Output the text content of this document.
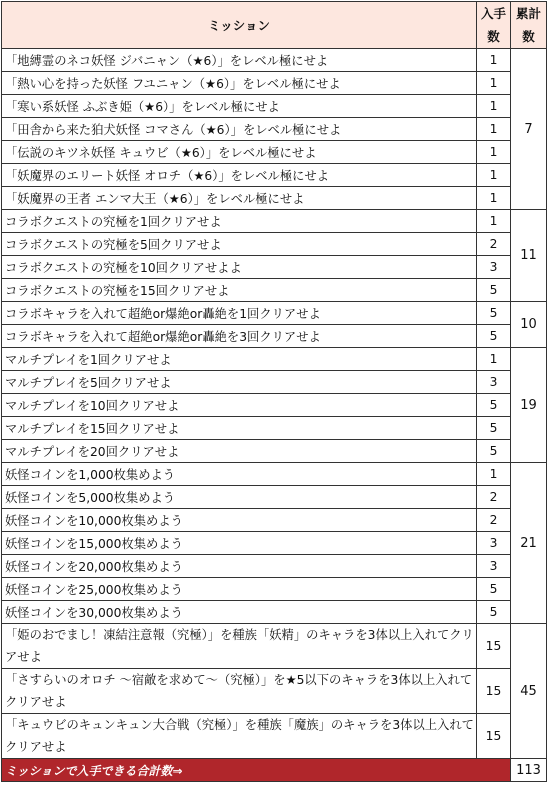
ミッション	入手
数	累計
数
「地縛霊のネコ妖怪 ジバニャン（★6）」をレベル極にせよ	1	7
「熱い心を持った妖怪 フユニャン（★6）」をレベル極にせよ	1	
「寒い系妖怪 ふぶき姫（★6）」をレベル極にせよ	1	
「田舎から来た狛犬妖怪 コマさん（★6）」をレベル極にせよ	1	
「伝説のキツネ妖怪 キュウビ（★6）」をレベル極にせよ	1	
「妖魔界のエリート妖怪 オロチ（★6）」をレベル極にせよ	1	
「妖魔界の王者 エンマ大王（★6）」をレベル極にせよ	1	
コラボクエストの究極を1回クリアせよ	1	11
コラボクエストの究極を5回クリアせよ	2	
コラボクエストの究極を10回クリアせよよ	3	
コラボクエストの究極を15回クリアせよ	5	
コラボキャラを入れて超絶or爆絶or轟絶を1回クリアせよ	5	10
コラボキャラを入れて超絶or爆絶or轟絶を3回クリアせよ	5	
マルチプレイを1回クリアせよ	1	19
マルチプレイを5回クリアせよ	3	
マルチプレイを10回クリアせよ	5	
マルチプレイを15回クリアせよ	5	
マルチプレイを20回クリアせよ	5	
妖怪コインを1,000枚集めよう	1	21
妖怪コインを5,000枚集めよう	2	
妖怪コインを10,000枚集めよう	2	
妖怪コインを15,000枚集めよう	3	
妖怪コインを20,000枚集めよう	3	
妖怪コインを25,000枚集めよう	5	
妖怪コインを30,000枚集めよう	5	
「姫のおでまし！凍結注意報（究極）」を種族「妖精」のキャラを3体以上入れてクリアせよ	15	45
「さすらいのオロチ 〜宿敵を求めて〜（究極）」を★5以下のキャラを3体以上入れてクリアせよ	15	
「キュウビのキュンキュン大合戦（究極）」を種族「魔族」のキャラを3体以上入れてクリアせよ	15	
ミッションで入手できる合計数⇒		113
